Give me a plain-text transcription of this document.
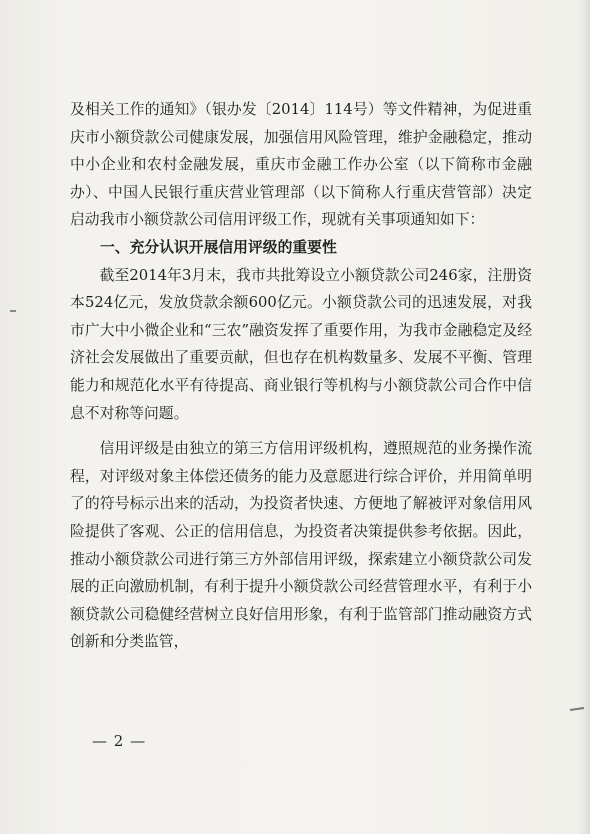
及相关工作的通知》（银办发〔2014〕114号）等文件精神，为促进重庆市小额贷款公司健康发展，加强信用风险管理，维护金融稳定，推动中小企业和农村金融发展，重庆市金融工作办公室（以下简称市金融办）、中国人民银行重庆营业管理部（以下简称人行重庆营管部）决定启动我市小额贷款公司信用评级工作，现就有关事项通知如下：

一、充分认识开展信用评级的重要性

截至2014年3月末，我市共批筹设立小额贷款公司246家，注册资本524亿元，发放贷款余额600亿元。小额贷款公司的迅速发展，对我市广大中小微企业和“三农”融资发挥了重要作用，为我市金融稳定及经济社会发展做出了重要贡献，但也存在机构数量多、发展不平衡、管理能力和规范化水平有待提高、商业银行等机构与小额贷款公司合作中信息不对称等问题。

信用评级是由独立的第三方信用评级机构，遵照规范的业务操作流程，对评级对象主体偿还债务的能力及意愿进行综合评价，并用简单明了的符号标示出来的活动，为投资者快速、方便地了解被评对象信用风险提供了客观、公正的信用信息，为投资者决策提供参考依据。因此，推动小额贷款公司进行第三方外部信用评级，探索建立小额贷款公司发展的正向激励机制，有利于提升小额贷款公司经营管理水平，有利于小额贷款公司稳健经营树立良好信用形象，有利于监管部门推动融资方式创新和分类监管，

— 2 —
